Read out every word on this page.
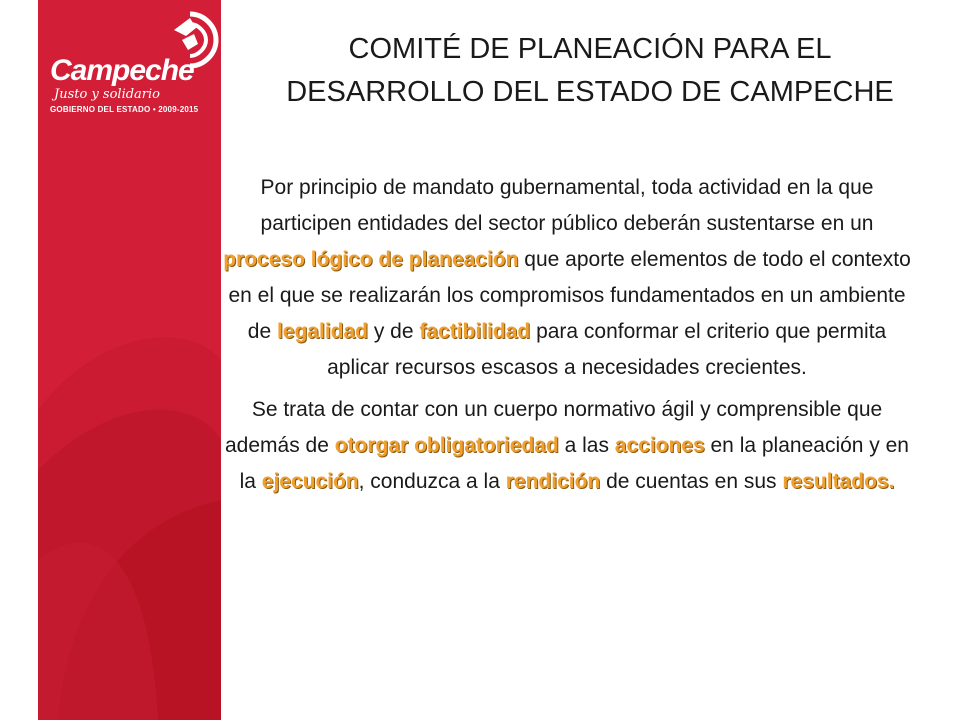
Campeche
Justo y solidario
GOBIERNO DEL ESTADO • 2009-2015
COMITÉ DE PLANEACIÓN PARA EL
DESARROLLO DEL ESTADO DE CAMPECHE

Por principio de mandato gubernamental, toda actividad en la que participen entidades del sector público deberán sustentarse en un proceso lógico de planeación que aporte elementos de todo el contexto en el que se realizarán los compromisos fundamentados en un ambiente de legalidad y de factibilidad para conformar el criterio que permita aplicar recursos escasos a necesidades crecientes.

Se trata de contar con un cuerpo normativo ágil y comprensible que además de otorgar obligatoriedad a las acciones en la planeación y en la ejecución, conduzca a la rendición de cuentas en sus resultados.
